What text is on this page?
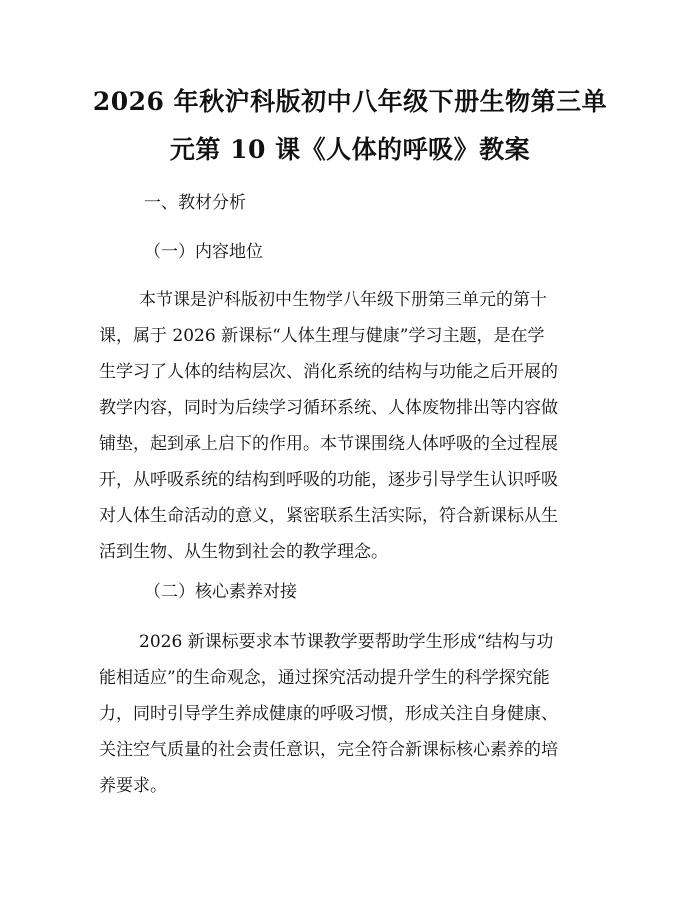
2026 年秋沪科版初中八年级下册生物第三单
元第 10 课《人体的呼吸》教案
一、教材分析
（一）内容地位
本节课是沪科版初中生物学八年级下册第三单元的第十
课，属于 2026 新课标“人体生理与健康”学习主题，是在学
生学习了人体的结构层次、消化系统的结构与功能之后开展的
教学内容，同时为后续学习循环系统、人体废物排出等内容做
铺垫，起到承上启下的作用。本节课围绕人体呼吸的全过程展
开，从呼吸系统的结构到呼吸的功能，逐步引导学生认识呼吸
对人体生命活动的意义，紧密联系生活实际，符合新课标从生
活到生物、从生物到社会的教学理念。
（二）核心素养对接
2026 新课标要求本节课教学要帮助学生形成“结构与功
能相适应”的生命观念，通过探究活动提升学生的科学探究能
力，同时引导学生养成健康的呼吸习惯，形成关注自身健康、
关注空气质量的社会责任意识，完全符合新课标核心素养的培
养要求。
